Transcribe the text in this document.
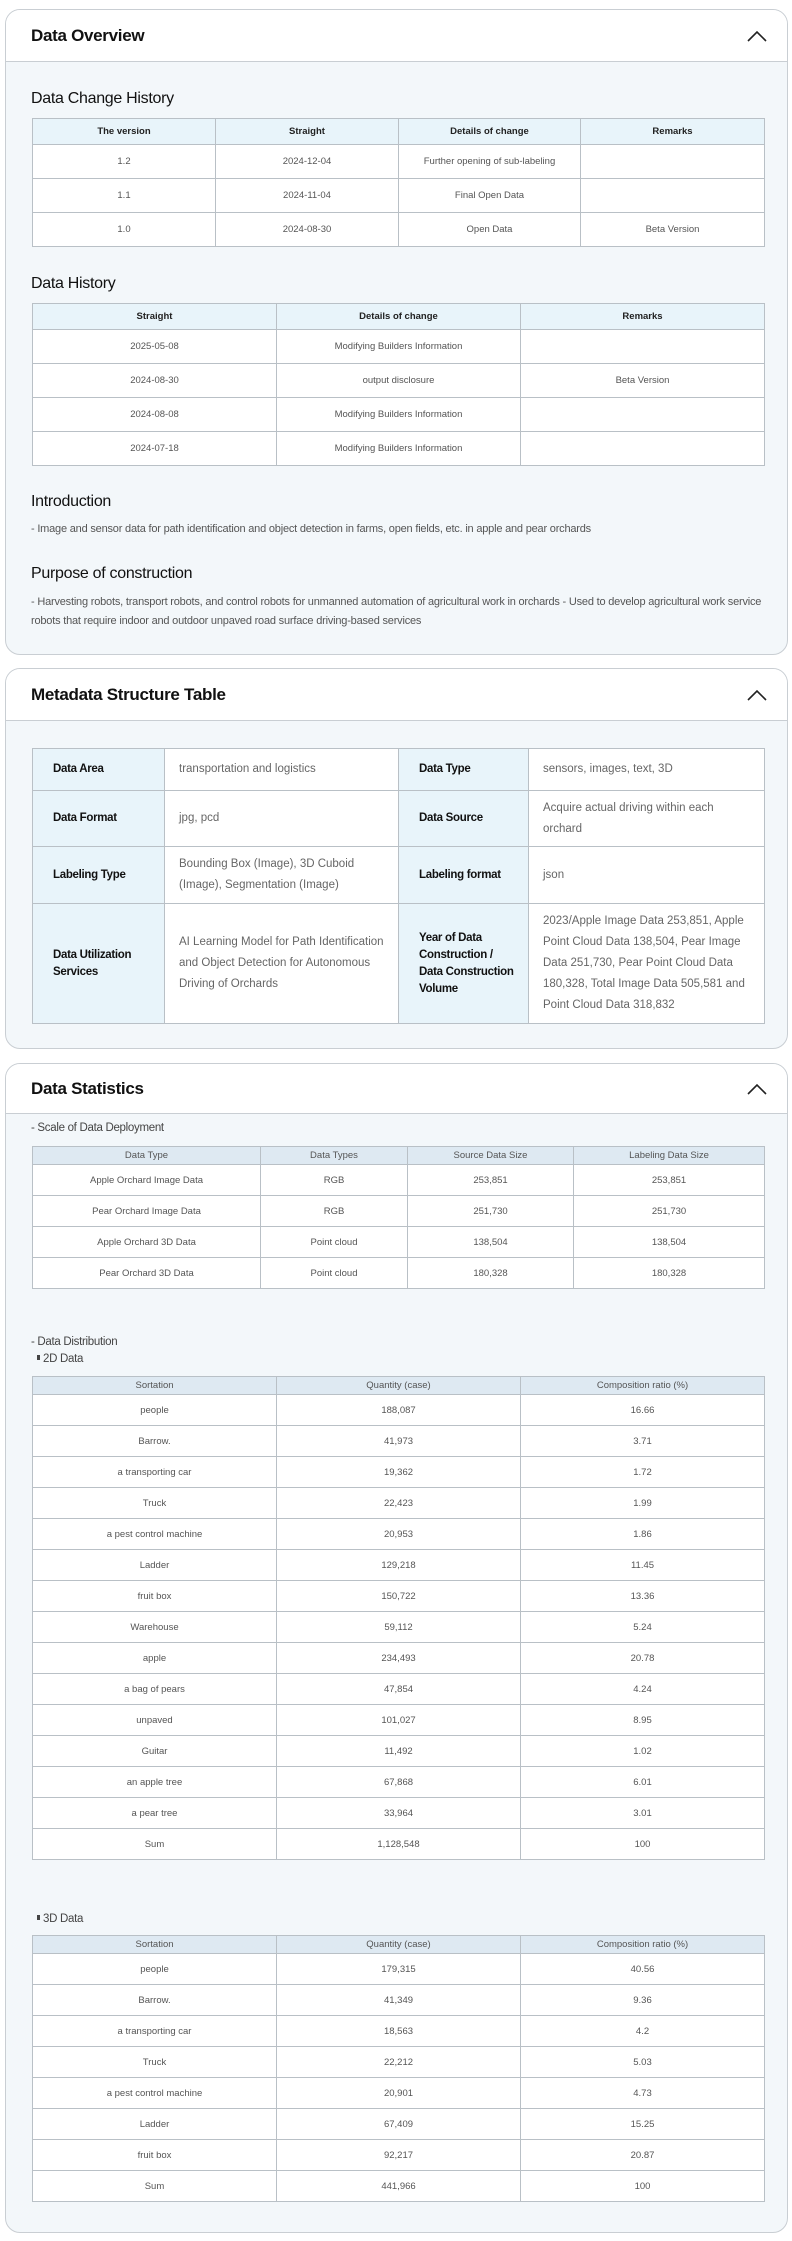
Data Overview
Data Change History
The version	Straight	Details of change	Remarks
1.2	2024-12-04	Further opening of sub-labeling	
1.1	2024-11-04	Final Open Data	
1.0	2024-08-30	Open Data	Beta Version
Data History
Straight	Details of change	Remarks
2025-05-08	Modifying Builders Information	
2024-08-30	output disclosure	Beta Version
2024-08-08	Modifying Builders Information	
2024-07-18	Modifying Builders Information	
Introduction
- Image and sensor data for path identification and object detection in farms, open fields, etc. in apple and pear orchards
Purpose of construction
- Harvesting robots, transport robots, and control robots for unmanned automation of agricultural work in orchards - Used to develop agricultural work service robots that require indoor and outdoor unpaved road surface driving-based services
Metadata Structure Table
Data Area	transportation and logistics	Data Type	sensors, images, text, 3D
Data Format	jpg, pcd	Data Source	Acquire actual driving within each orchard
Labeling Type	Bounding Box (Image), 3D Cuboid (Image), Segmentation (Image)	Labeling format	json
Data Utilization Services	AI Learning Model for Path Identification and Object Detection for Autonomous Driving of Orchards	Year of Data Construction / Data Construction Volume	2023/Apple Image Data 253,851, Apple Point Cloud Data 138,504, Pear Image Data 251,730, Pear Point Cloud Data 180,328, Total Image Data 505,581 and Point Cloud Data 318,832
Data Statistics
- Scale of Data Deployment
Data Type	Data Types	Source Data Size	Labeling Data Size
Apple Orchard Image Data	RGB	253,851	253,851
Pear Orchard Image Data	RGB	251,730	251,730
Apple Orchard 3D Data	Point cloud	138,504	138,504
Pear Orchard 3D Data	Point cloud	180,328	180,328
- Data Distribution
2D Data
Sortation	Quantity (case)	Composition ratio (%)
people	188,087	16.66
Barrow.	41,973	3.71
a transporting car	19,362	1.72
Truck	22,423	1.99
a pest control machine	20,953	1.86
Ladder	129,218	11.45
fruit box	150,722	13.36
Warehouse	59,112	5.24
apple	234,493	20.78
a bag of pears	47,854	4.24
unpaved	101,027	8.95
Guitar	11,492	1.02
an apple tree	67,868	6.01
a pear tree	33,964	3.01
Sum	1,128,548	100
3D Data
Sortation	Quantity (case)	Composition ratio (%)
people	179,315	40.56
Barrow.	41,349	9.36
a transporting car	18,563	4.2
Truck	22,212	5.03
a pest control machine	20,901	4.73
Ladder	67,409	15.25
fruit box	92,217	20.87
Sum	441,966	100
